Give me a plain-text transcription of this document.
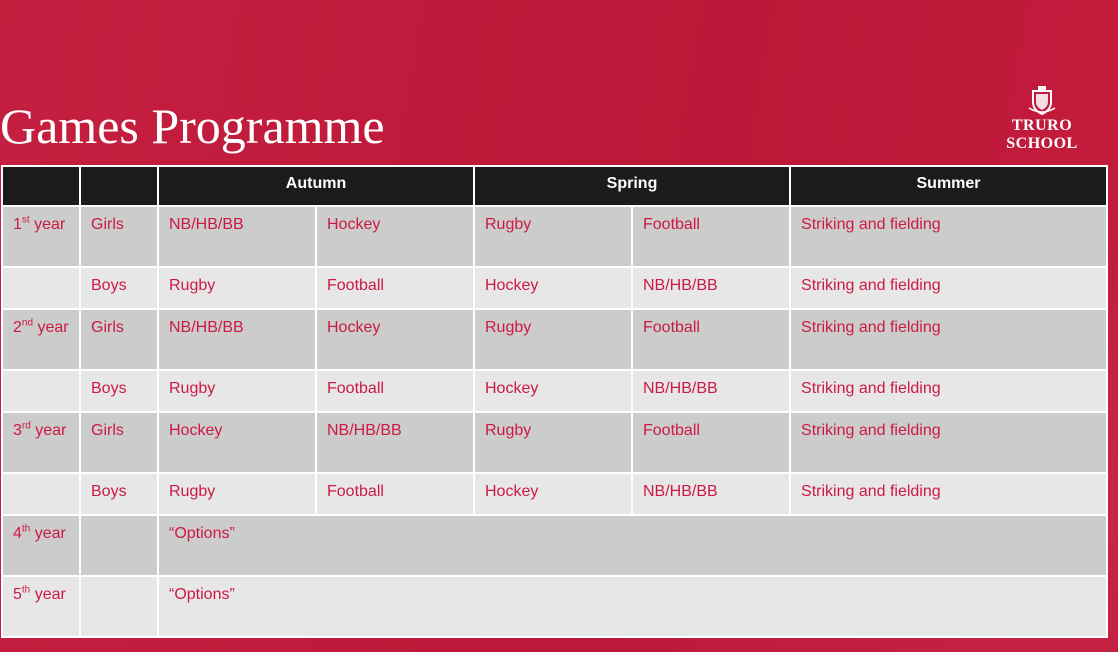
Games Programme	TRURO
SCHOOL
		Autumn		Spring		Summer
1st year	Girls	NB/HB/BB	Hockey	Rugby	Football	Striking and fielding
	Boys	Rugby	Football	Hockey	NB/HB/BB	Striking and fielding
2nd year	Girls	NB/HB/BB	Hockey	Rugby	Football	Striking and fielding
	Boys	Rugby	Football	Hockey	NB/HB/BB	Striking and fielding
3rd year	Girls	Hockey	NB/HB/BB	Rugby	Football	Striking and fielding
	Boys	Rugby	Football	Hockey	NB/HB/BB	Striking and fielding
4th year		“Options”				
5th year		“Options”				
